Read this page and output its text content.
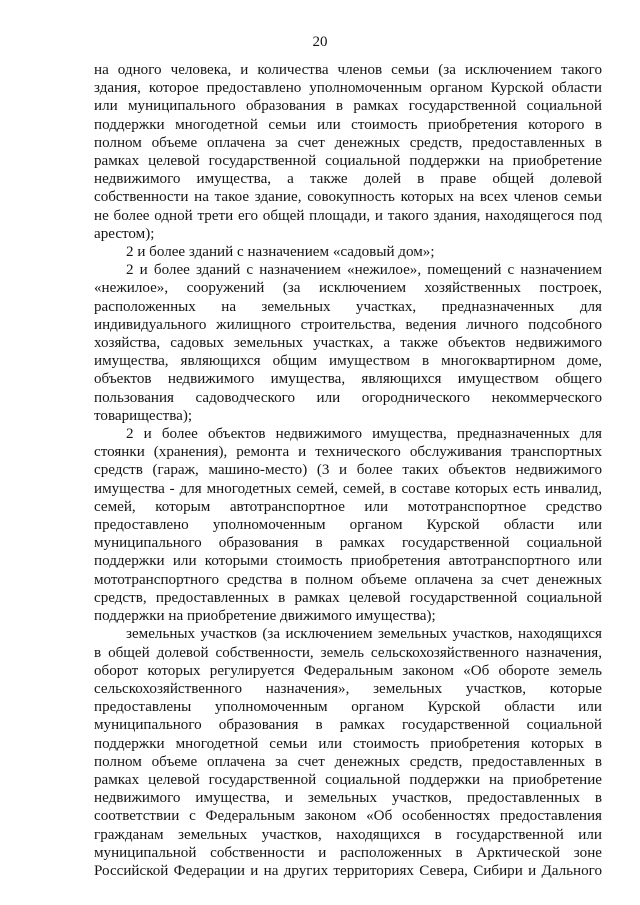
20
на одного человека, и количества членов семьи (за исключением такого
здания, которое предоставлено уполномоченным органом Курской области
или муниципального образования в рамках государственной социальной
поддержки многодетной семьи или стоимость приобретения которого в
полном объеме оплачена за счет денежных средств, предоставленных в
рамках целевой государственной социальной поддержки на приобретение
недвижимого имущества, а также долей в праве общей долевой
собственности на такое здание, совокупность которых на всех членов семьи
не более одной трети его общей площади, и такого здания, находящегося под
арестом);
2 и более зданий с назначением «садовый дом»;
2 и более зданий с назначением «нежилое», помещений с назначением
«нежилое», сооружений (за исключением хозяйственных построек,
расположенных на земельных участках, предназначенных для
индивидуального жилищного строительства, ведения личного подсобного
хозяйства, садовых земельных участках, а также объектов недвижимого
имущества, являющихся общим имуществом в многоквартирном доме,
объектов недвижимого имущества, являющихся имуществом общего
пользования садоводческого или огороднического некоммерческого
товарищества);
2 и более объектов недвижимого имущества, предназначенных для
стоянки (хранения), ремонта и технического обслуживания транспортных
средств (гараж, машино-место) (3 и более таких объектов недвижимого
имущества - для многодетных семей, семей, в составе которых есть инвалид,
семей, которым автотранспортное или мототранспортное средство
предоставлено уполномоченным органом Курской области или
муниципального образования в рамках государственной социальной
поддержки или которыми стоимость приобретения автотранспортного или
мототранспортного средства в полном объеме оплачена за счет денежных
средств, предоставленных в рамках целевой государственной социальной
поддержки на приобретение движимого имущества);
земельных участков (за исключением земельных участков, находящихся
в общей долевой собственности, земель сельскохозяйственного назначения,
оборот которых регулируется Федеральным законом «Об обороте земель
сельскохозяйственного назначения», земельных участков, которые
предоставлены уполномоченным органом Курской области или
муниципального образования в рамках государственной социальной
поддержки многодетной семьи или стоимость приобретения которых в
полном объеме оплачена за счет денежных средств, предоставленных в
рамках целевой государственной социальной поддержки на приобретение
недвижимого имущества, и земельных участков, предоставленных в
соответствии с Федеральным законом «Об особенностях предоставления
гражданам земельных участков, находящихся в государственной или
муниципальной собственности и расположенных в Арктической зоне
Российской Федерации и на других территориях Севера, Сибири и Дального
